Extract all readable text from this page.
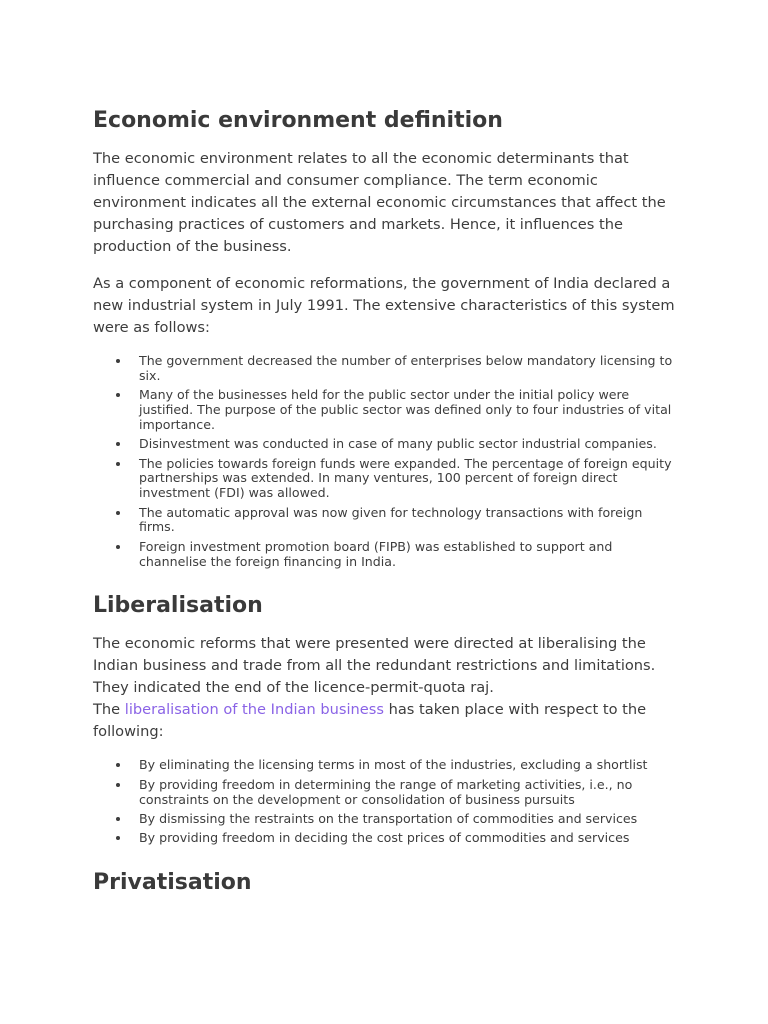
Economic environment definition

The economic environment relates to all the economic determinants that influence commercial and consumer compliance. The term economic environment indicates all the external economic circumstances that affect the purchasing practices of customers and markets. Hence, it influences the production of the business.

As a component of economic reformations, the government of India declared a new industrial system in July 1991. The extensive characteristics of this system were as follows:

The government decreased the number of enterprises below mandatory licensing to six.
Many of the businesses held for the public sector under the initial policy were justified. The purpose of the public sector was defined only to four industries of vital importance.
Disinvestment was conducted in case of many public sector industrial companies.
The policies towards foreign funds were expanded. The percentage of foreign equity partnerships was extended. In many ventures, 100 percent of foreign direct investment (FDI) was allowed.
The automatic approval was now given for technology transactions with foreign firms.
Foreign investment promotion board (FIPB) was established to support and channelise the foreign financing in India.
Liberalisation

The economic reforms that were presented were directed at liberalising the Indian business and trade from all the redundant restrictions and limitations. They indicated the end of the licence-permit-quota raj.
The liberalisation of the Indian business has taken place with respect to the following:

By eliminating the licensing terms in most of the industries, excluding a shortlist
By providing freedom in determining the range of marketing activities, i.e., no constraints on the development or consolidation of business pursuits
By dismissing the restraints on the transportation of commodities and services
By providing freedom in deciding the cost prices of commodities and services
Privatisation
